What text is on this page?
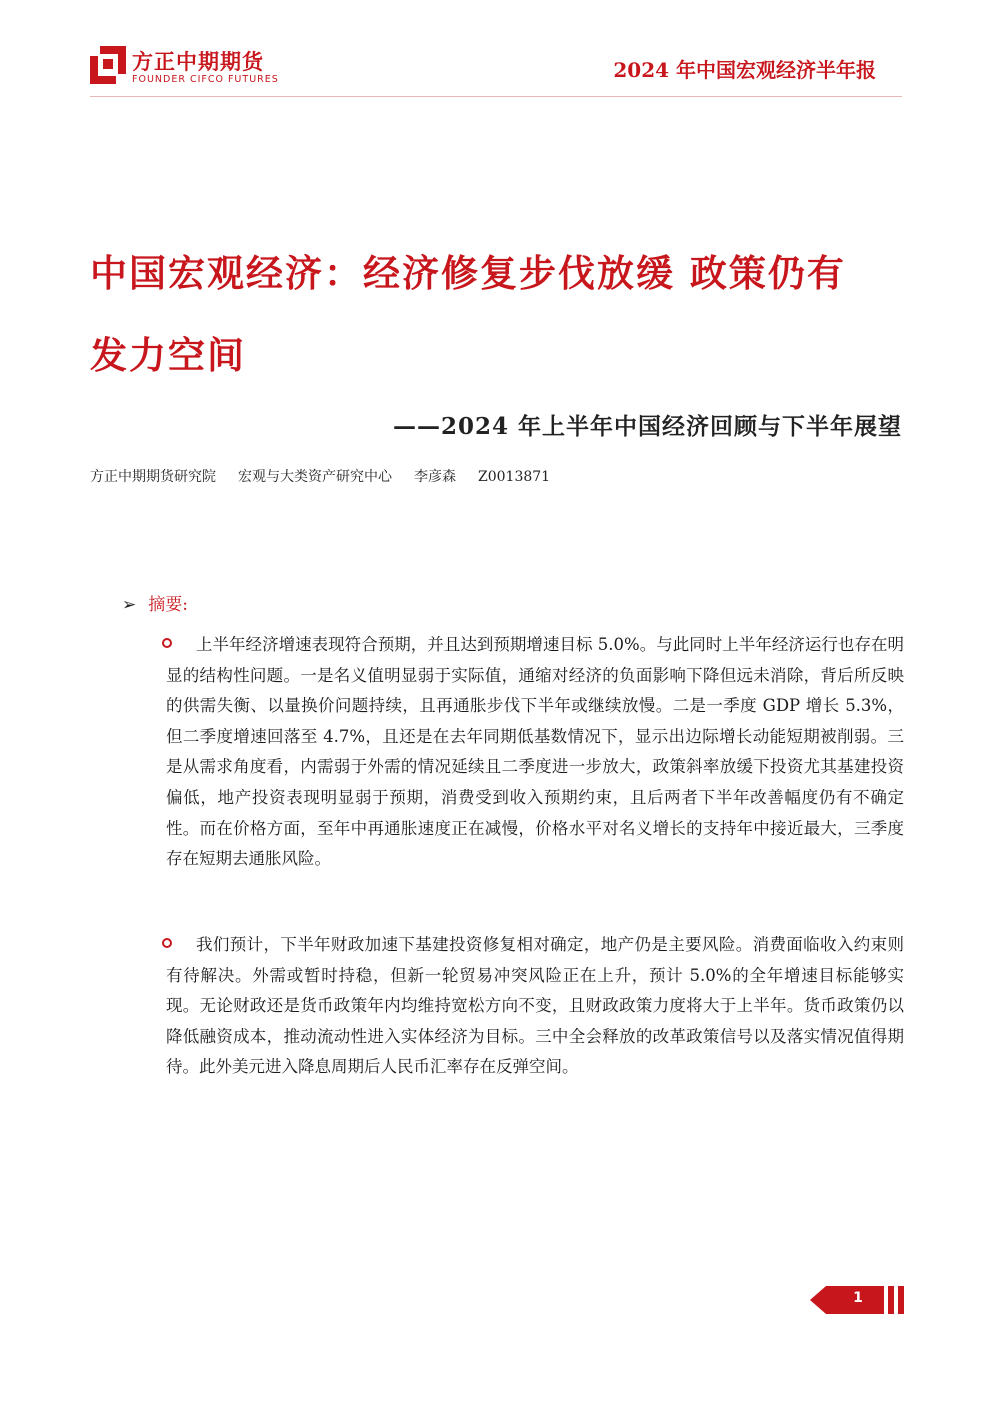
方正中期期货
FOUNDER CIFCO FUTURES	2024 年中国宏观经济半年报
中国宏观经济：经济修复步伐放缓 政策仍有
发力空间
——2024 年上半年中国经济回顾与下半年展望
方正中期期货研究院 宏观与大类资产研究中心 李彦森 Z0013871
➢ 摘要:
上半年经济增速表现符合预期，并且达到预期增速目标 5.0%。与此同时上半年经济运行也存在明显的结构性问题。一是名义值明显弱于实际值，通缩对经济的负面影响下降但远未消除，背后所反映的供需失衡、以量换价问题持续，且再通胀步伐下半年或继续放慢。二是一季度 GDP 增长 5.3%，但二季度增速回落至 4.7%，且还是在去年同期低基数情况下，显示出边际增长动能短期被削弱。三是从需求角度看，内需弱于外需的情况延续且二季度进一步放大，政策斜率放缓下投资尤其基建投资偏低，地产投资表现明显弱于预期，消费受到收入预期约束，且后两者下半年改善幅度仍有不确定性。而在价格方面，至年中再通胀速度正在减慢，价格水平对名义增长的支持年中接近最大，三季度存在短期去通胀风险。
我们预计，下半年财政加速下基建投资修复相对确定，地产仍是主要风险。消费面临收入约束则有待解决。外需或暂时持稳，但新一轮贸易冲突风险正在上升，预计 5.0%的全年增速目标能够实现。无论财政还是货币政策年内均维持宽松方向不变，且财政政策力度将大于上半年。货币政策仍以降低融资成本，推动流动性进入实体经济为目标。三中全会释放的改革政策信号以及落实情况值得期待。此外美元进入降息周期后人民币汇率存在反弹空间。
1
